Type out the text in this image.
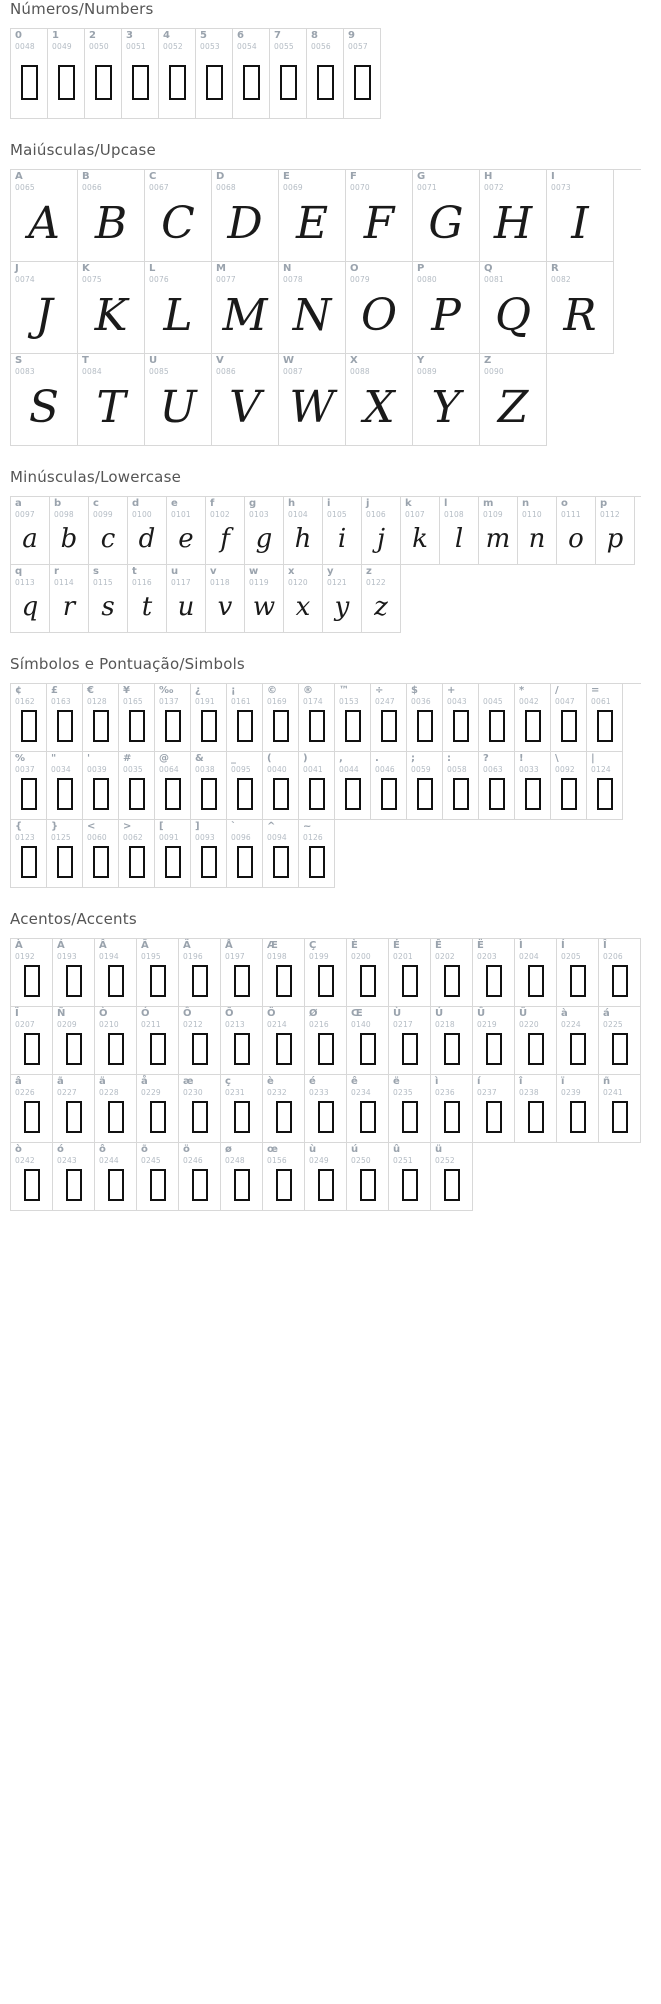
Números/Numbers
0
0048
1
0049
2
0050
3
0051
4
0052
5
0053
6
0054
7
0055
8
0056
9
0057
Maiúsculas/Upcase
A
0065
A
B
0066
B
C
0067
C
D
0068
D
E
0069
E
F
0070
F
G
0071
G
H
0072
H
I
0073
I
J
0074
J
K
0075
K
L
0076
L
M
0077
M
N
0078
N
O
0079
O
P
0080
P
Q
0081
Q
R
0082
R
S
0083
S
T
0084
T
U
0085
U
V
0086
V
W
0087
W
X
0088
X
Y
0089
Y
Z
0090
Z
Minúsculas/Lowercase
a
0097
a
b
0098
b
c
0099
c
d
0100
d
e
0101
e
f
0102
f
g
0103
g
h
0104
h
i
0105
i
j
0106
j
k
0107
k
l
0108
l
m
0109
m
n
0110
n
o
0111
o
p
0112
p
q
0113
q
r
0114
r
s
0115
s
t
0116
t
u
0117
u
v
0118
v
w
0119
w
x
0120
x
y
0121
y
z
0122
z
Símbolos e Pontuação/Simbols
¢
0162
£
0163
€
0128
¥
0165
‰
0137
¿
0191
¡
0161
©
0169
®
0174
™
0153
÷
0247
$
0036
+
0043	0045
*
0042
/
0047
=
0061
%
0037
"
0034
'
0039
#
0035
@
0064
&
0038
_
0095
(
0040
)
0041
,
0044
.
0046
;
0059
:
0058
?
0063
!
0033
\
0092
|
0124
{
0123
}
0125
<
0060
>
0062
[
0091
]
0093
`
0096
^
0094
~
0126
Acentos/Accents
À
0192
Á
0193
Â
0194
Ã
0195
Ä
0196
Å
0197
Æ
0198
Ç
0199
È
0200
É
0201
Ê
0202
Ë
0203
Ì
0204
Í
0205
Î
0206
Ï
0207
Ñ
0209
Ò
0210
Ó
0211
Ô
0212
Õ
0213
Ö
0214
Ø
0216
Œ
0140
Ù
0217
Ú
0218
Û
0219
Ü
0220
à
0224
á
0225
â
0226
ã
0227
ä
0228
å
0229
æ
0230
ç
0231
è
0232
é
0233
ê
0234
ë
0235
ì
0236
í
0237
î
0238
ï
0239
ñ
0241
ò
0242
ó
0243
ô
0244
õ
0245
ö
0246
ø
0248
œ
0156
ù
0249
ú
0250
û
0251
ü
0252
